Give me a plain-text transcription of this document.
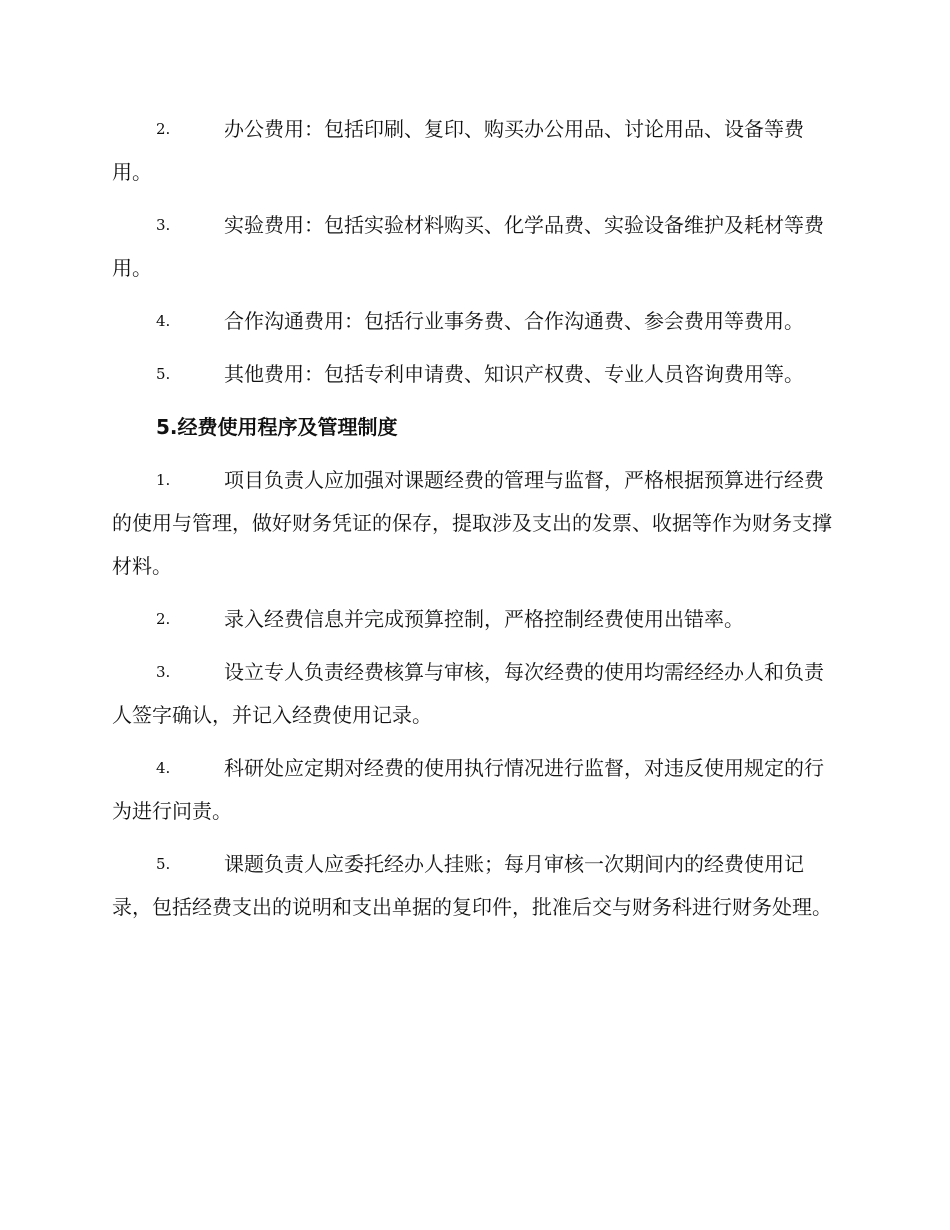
2.	办公费用：包括印刷、复印、购买办公用品、讨论用品、设备等费用。

3.	实验费用：包括实验材料购买、化学品费、实验设备维护及耗材等费用。

4.	合作沟通费用：包括行业事务费、合作沟通费、参会费用等费用。

5.	其他费用：包括专利申请费、知识产权费、专业人员咨询费用等。

5.经费使用程序及管理制度

1.	项目负责人应加强对课题经费的管理与监督，严格根据预算进行经费的使用与管理，做好财务凭证的保存，提取涉及支出的发票、收据等作为财务支撑材料。

2.	录入经费信息并完成预算控制，严格控制经费使用出错率。

3.	设立专人负责经费核算与审核，每次经费的使用均需经经办人和负责人签字确认，并记入经费使用记录。

4.	科研处应定期对经费的使用执行情况进行监督，对违反使用规定的行为进行问责。

5.	课题负责人应委托经办人挂账；每月审核一次期间内的经费使用记录，包括经费支出的说明和支出单据的复印件，批准后交与财务科进行财务处理。
